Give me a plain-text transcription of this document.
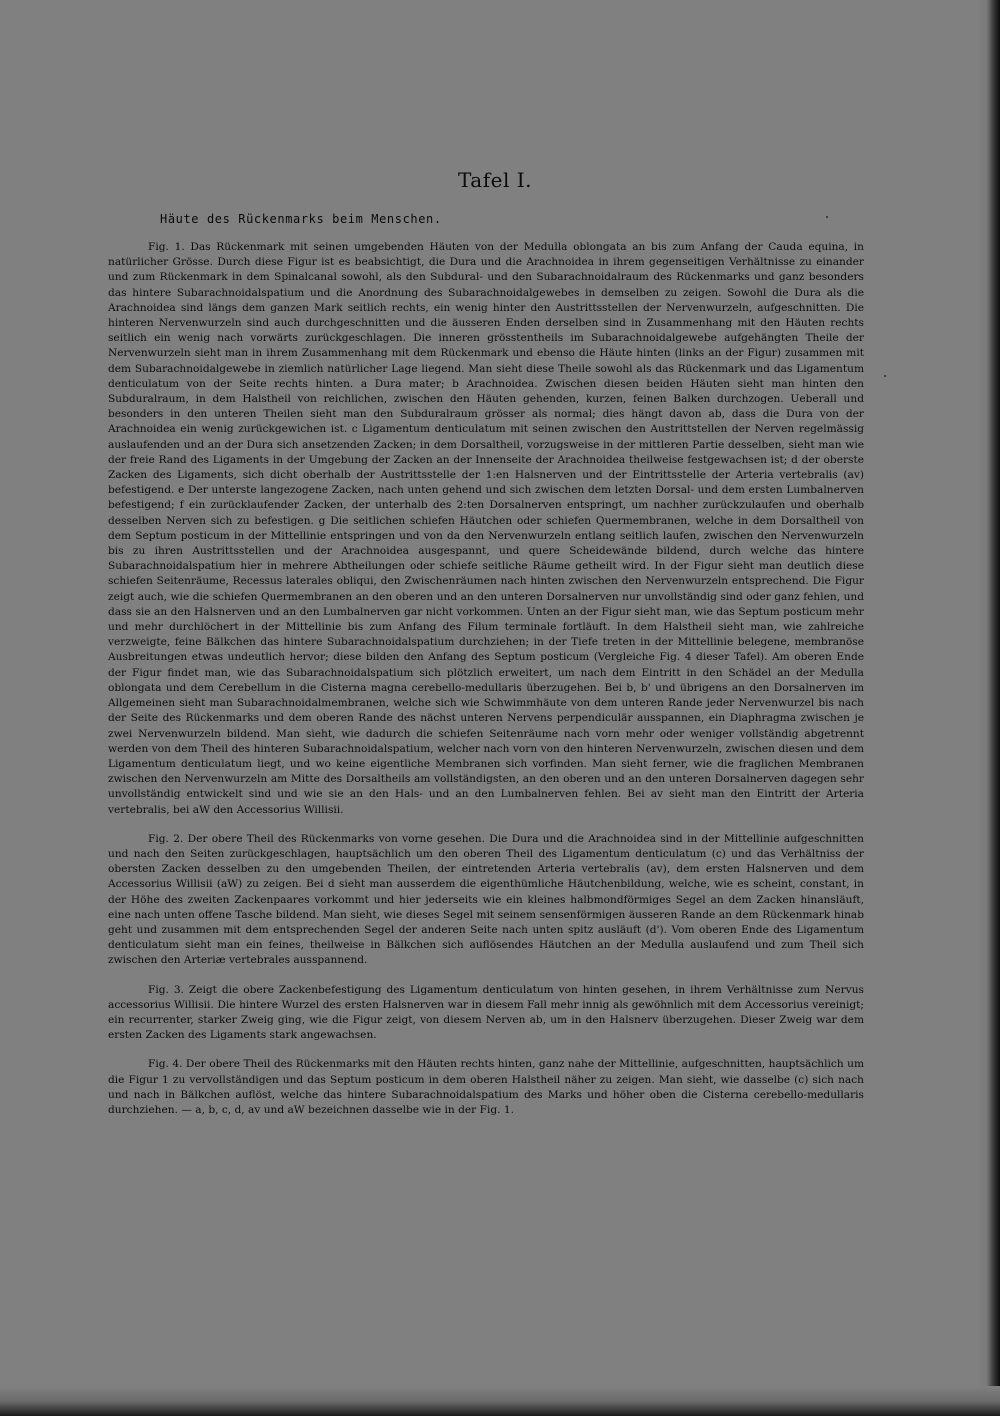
Tafel I.
Häute des Rückenmarks beim Menschen.

Fig. 1. Das Rückenmark mit seinen umgebenden Häuten von der Medulla oblongata an bis zum Anfang der Cauda equina, in natürlicher Grösse. Durch diese Figur ist es beabsichtigt, die Dura und die Arachnoidea in ihrem gegenseitigen Verhältnisse zu einander und zum Rückenmark in dem Spinalcanal sowohl, als den Subdural- und den Subarachnoidalraum des Rückenmarks und ganz besonders das hintere Subarachnoidalspatium und die Anordnung des Subarachnoidalgewebes in demselben zu zeigen. Sowohl die Dura als die Arachnoidea sind längs dem ganzen Mark seitlich rechts, ein wenig hinter den Austrittsstellen der Nervenwurzeln, aufgeschnitten. Die hinteren Nervenwurzeln sind auch durchgeschnitten und die äusseren Enden derselben sind in Zusammenhang mit den Häuten rechts seitlich ein wenig nach vorwärts zurückgeschlagen. Die inneren grösstentheils im Subarachnoidalgewebe aufgehängten Theile der Nervenwurzeln sieht man in ihrem Zusammenhang mit dem Rückenmark und ebenso die Häute hinten (links an der Figur) zusammen mit dem Subarachnoidalgewebe in ziemlich natürlicher Lage liegend. Man sieht diese Theile sowohl als das Rückenmark und das Ligamentum denticulatum von der Seite rechts hinten. a Dura mater; b Arachnoidea. Zwischen diesen beiden Häuten sieht man hinten den Subduralraum, in dem Halstheil von reichlichen, zwischen den Häuten gehenden, kurzen, feinen Balken durchzogen. Ueberall und besonders in den unteren Theilen sieht man den Subduralraum grösser als normal; dies hängt davon ab, dass die Dura von der Arachnoidea ein wenig zurückgewichen ist. c Ligamentum denticulatum mit seinen zwischen den Austrittstellen der Nerven regelmässig auslaufenden und an der Dura sich ansetzenden Zacken; in dem Dorsaltheil, vorzugsweise in der mittleren Partie desselben, sieht man wie der freie Rand des Ligaments in der Umgebung der Zacken an der Innenseite der Arachnoidea theilweise festgewachsen ist; d der oberste Zacken des Ligaments, sich dicht oberhalb der Austrittsstelle der 1:en Halsnerven und der Eintrittsstelle der Arteria vertebralis (av) befestigend. e Der unterste langezogene Zacken, nach unten gehend und sich zwischen dem letzten Dorsal- und dem ersten Lumbalnerven befestigend; f ein zurücklaufender Zacken, der unterhalb des 2:ten Dorsalnerven entspringt, um nachher zurückzulaufen und oberhalb desselben Nerven sich zu befestigen. g Die seitlichen schiefen Häutchen oder schiefen Quermembranen, welche in dem Dorsaltheil von dem Septum posticum in der Mittellinie entspringen und von da den Nervenwurzeln entlang seitlich laufen, zwischen den Nervenwurzeln bis zu ihren Austrittsstellen und der Arachnoidea ausgespannt, und quere Scheidewände bildend, durch welche das hintere Subarachnoidalspatium hier in mehrere Abtheilungen oder schiefe seitliche Räume getheilt wird. In der Figur sieht man deutlich diese schiefen Seitenräume, Recessus laterales obliqui, den Zwischenräumen nach hinten zwischen den Nervenwurzeln entsprechend. Die Figur zeigt auch, wie die schiefen Quermembranen an den oberen und an den unteren Dorsalnerven nur unvollständig sind oder ganz fehlen, und dass sie an den Halsnerven und an den Lumbalnerven gar nicht vorkommen. Unten an der Figur sieht man, wie das Septum posticum mehr und mehr durchlöchert in der Mittellinie bis zum Anfang des Filum terminale fortläuft. In dem Halstheil sieht man, wie zahlreiche verzweigte, feine Bälkchen das hintere Subarachnoidalspatium durchziehen; in der Tiefe treten in der Mittellinie belegene, membranöse Ausbreitungen etwas undeutlich hervor; diese bilden den Anfang des Septum posticum (Vergleiche Fig. 4 dieser Tafel). Am oberen Ende der Figur findet man, wie das Subarachnoidalspatium sich plötzlich erweitert, um nach dem Eintritt in den Schädel an der Medulla oblongata und dem Cerebellum in die Cisterna magna cerebello-medullaris überzugehen. Bei b, b' und übrigens an den Dorsalnerven im Allgemeinen sieht man Subarachnoidalmembranen, welche sich wie Schwimmhäute von dem unteren Rande jeder Nervenwurzel bis nach der Seite des Rückenmarks und dem oberen Rande des nächst unteren Nervens perpendiculär ausspannen, ein Diaphragma zwischen je zwei Nervenwurzeln bildend. Man sieht, wie dadurch die schiefen Seitenräume nach vorn mehr oder weniger vollständig abgetrennt werden von dem Theil des hinteren Subarachnoidalspatium, welcher nach vorn von den hinteren Nervenwurzeln, zwischen diesen und dem Ligamentum denticulatum liegt, und wo keine eigentliche Membranen sich vorfinden. Man sieht ferner, wie die fraglichen Membranen zwischen den Nervenwurzeln am Mitte des Dorsaltheils am vollständigsten, an den oberen und an den unteren Dorsalnerven dagegen sehr unvollständig entwickelt sind und wie sie an den Hals- und an den Lumbalnerven fehlen. Bei av sieht man den Eintritt der Arteria vertebralis, bei aW den Accessorius Willisii.

Fig. 2. Der obere Theil des Rückenmarks von vorne gesehen. Die Dura und die Arachnoidea sind in der Mittellinie aufgeschnitten und nach den Seiten zurückgeschlagen, hauptsächlich um den oberen Theil des Ligamentum denticulatum (c) und das Verhältniss der obersten Zacken desselben zu den umgebenden Theilen, der eintretenden Arteria vertebralis (av), dem ersten Halsnerven und dem Accessorius Willisii (aW) zu zeigen. Bei d sieht man ausserdem die eigenthümliche Häutchenbildung, welche, wie es scheint, constant, in der Höhe des zweiten Zackenpaares vorkommt und hier jederseits wie ein kleines halbmondförmiges Segel an dem Zacken hinansläuft, eine nach unten offene Tasche bildend. Man sieht, wie dieses Segel mit seinem sensenförmigen äusseren Rande an dem Rückenmark hinab geht und zusammen mit dem entsprechenden Segel der anderen Seite nach unten spitz ausläuft (d'). Vom oberen Ende des Ligamentum denticulatum sieht man ein feines, theilweise in Bälkchen sich auflösendes Häutchen an der Medulla auslaufend und zum Theil sich zwischen den Arteriæ vertebrales ausspannend.

Fig. 3. Zeigt die obere Zackenbefestigung des Ligamentum denticulatum von hinten gesehen, in ihrem Verhältnisse zum Nervus accessorius Willisii. Die hintere Wurzel des ersten Halsnerven war in diesem Fall mehr innig als gewöhnlich mit dem Accessorius vereinigt; ein recurrenter, starker Zweig ging, wie die Figur zeigt, von diesem Nerven ab, um in den Halsnerv überzugehen. Dieser Zweig war dem ersten Zacken des Ligaments stark angewachsen.

Fig. 4. Der obere Theil des Rückenmarks mit den Häuten rechts hinten, ganz nahe der Mittellinie, aufgeschnitten, hauptsächlich um die Figur 1 zu vervollständigen und das Septum posticum in dem oberen Halstheil näher zu zeigen. Man sieht, wie dasselbe (c) sich nach und nach in Bälkchen auflöst, welche das hintere Subarachnoidalspatium des Marks und höher oben die Cisterna cerebello-medullaris durchziehen. — a, b, c, d, av und aW bezeichnen dasselbe wie in der Fig. 1.
